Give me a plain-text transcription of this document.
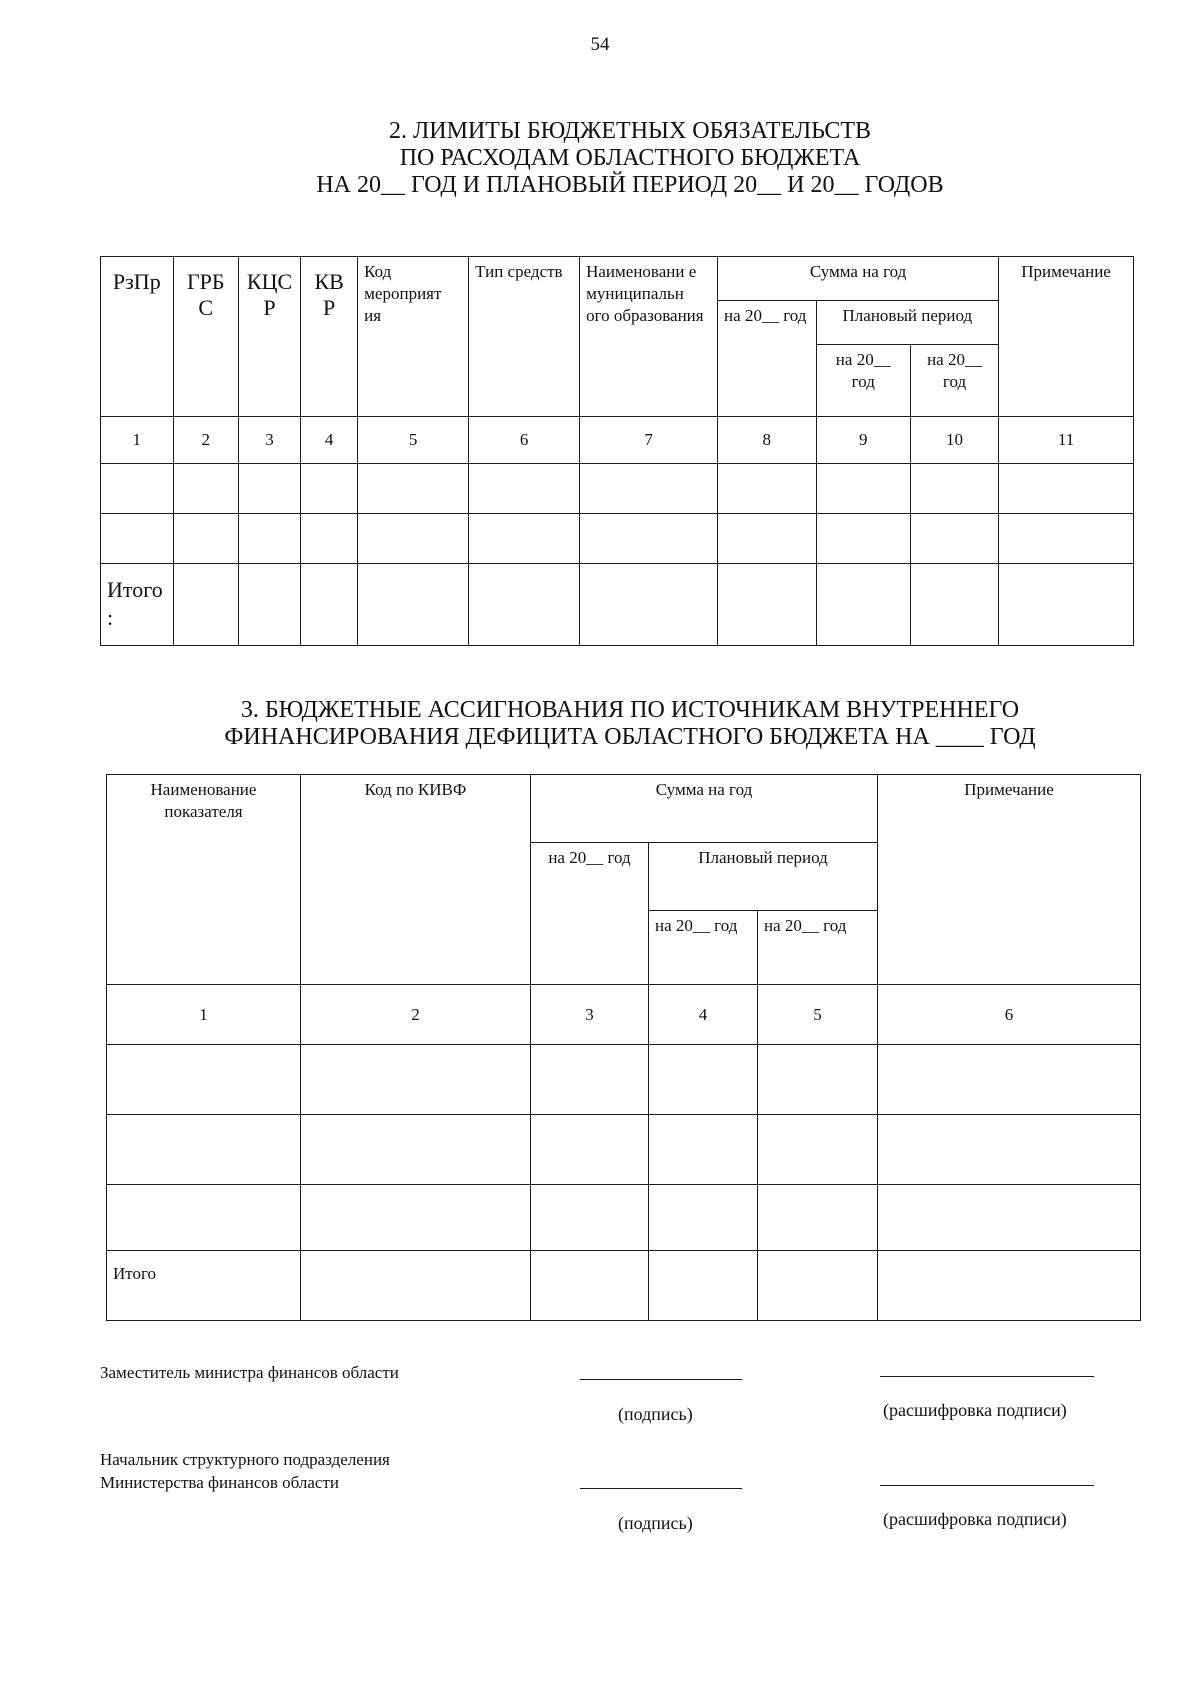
54
2. ЛИМИТЫ БЮДЖЕТНЫХ ОБЯЗАТЕЛЬСТВ
ПО РАСХОДАМ ОБЛАСТНОГО БЮДЖЕТА
НА 20__ ГОД И ПЛАНОВЫЙ ПЕРИОД 20__ И 20__ ГОДОВ
РзПр	ГРБ С	КЦС Р	КВ Р	Код мероприят ия	Тип средств	Наименовани е муниципальн ого образования	Сумма на год			Примечание
							на 20__ год	Плановый период		
								на 20__ год	на 20__ год	
1	2	3	4	5	6	7	8	9	10	11

Итого :										
3. БЮДЖЕТНЫЕ АССИГНОВАНИЯ ПО ИСТОЧНИКАМ ВНУТРЕННЕГО
ФИНАНСИРОВАНИЯ ДЕФИЦИТА ОБЛАСТНОГО БЮДЖЕТА НА ____ ГОД
Наименование показателя	Код по КИВФ	Сумма на год			Примечание
		на 20__ год	Плановый период		
			на 20__ год	на 20__ год	
1	2	3	4	5	6

Итого					
Заместитель министра финансов области
(подпись)	(расшифровка подписи)
Начальник структурного подразделения
Министерства финансов области
(подпись)	(расшифровка подписи)
